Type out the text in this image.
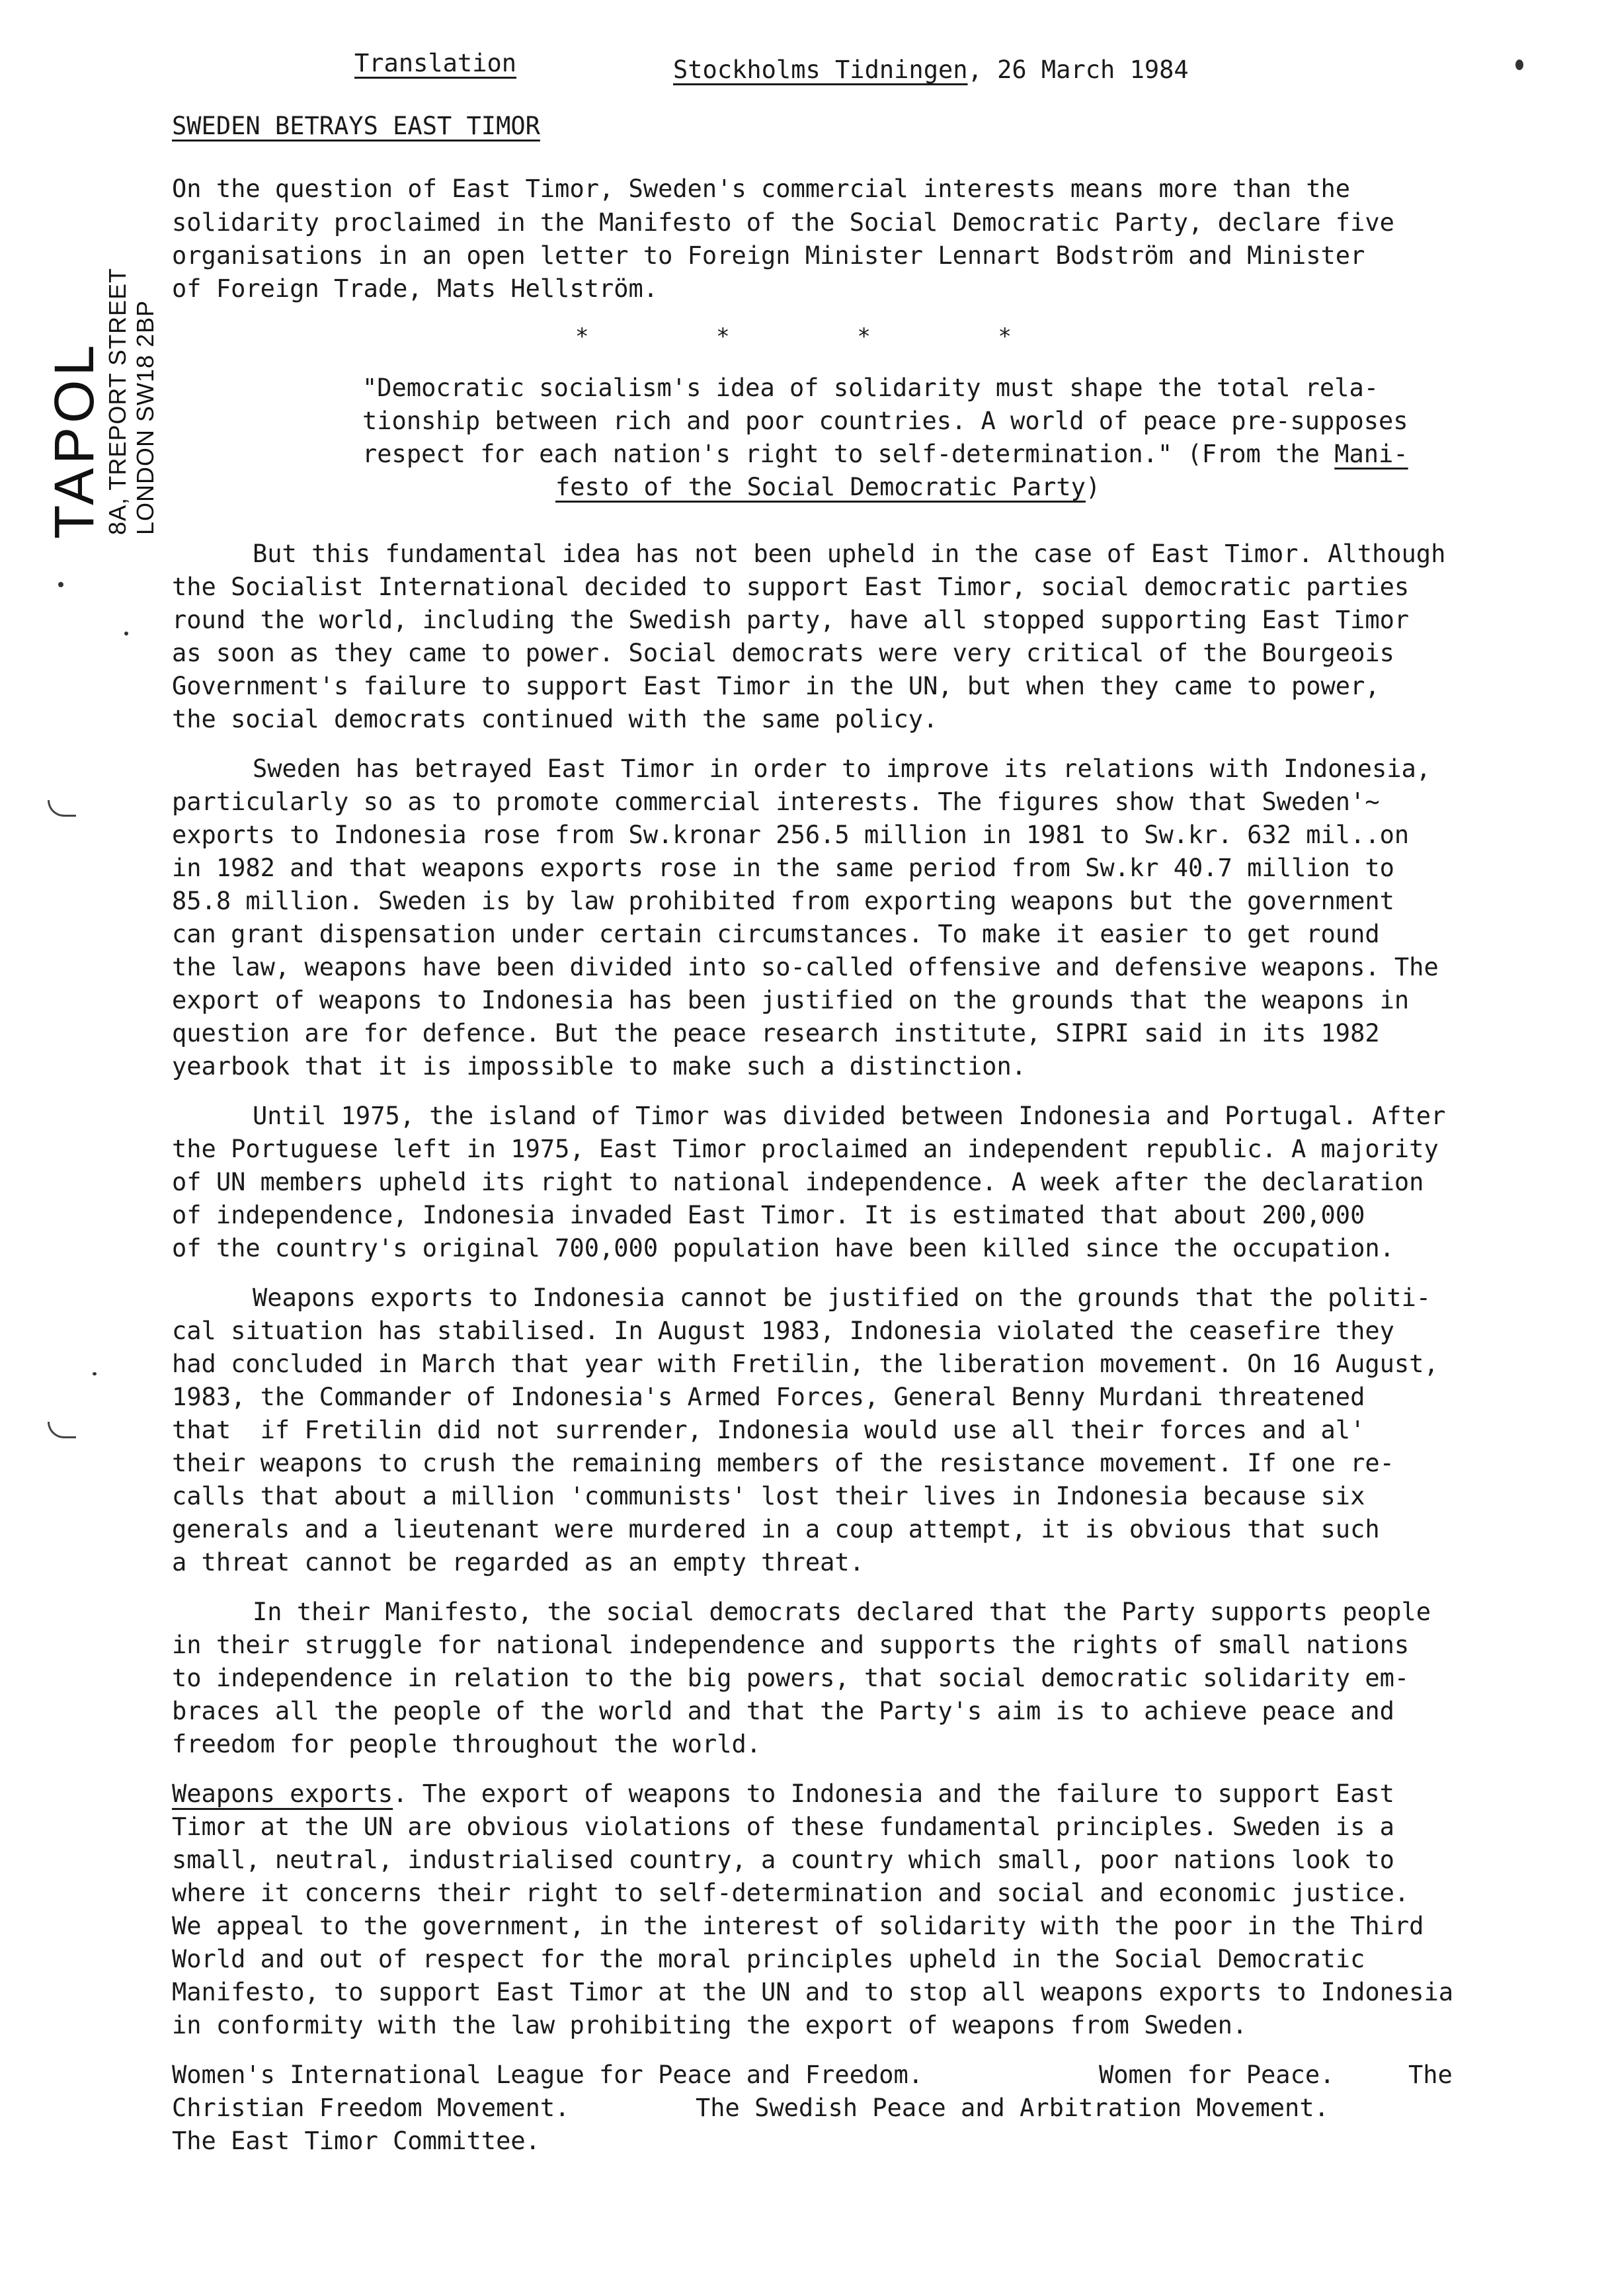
Translation	Stockholms Tidningen, 26 March 1984
SWEDEN BETRAYS EAST TIMOR
TAPOL
8A, TREPORT STREET LONDON SW18 2BP
On the question of East Timor, Sweden's commercial interests means more than the
solidarity proclaimed in the Manifesto of the Social Democratic Party, declare five
organisations in an open letter to Foreign Minister Lennart Bodström and Minister
of Foreign Trade, Mats Hellström.
*	*	*	*
"Democratic socialism's idea of solidarity must shape the total rela-
tionship between rich and poor countries. A world of peace pre-supposes
respect for each nation's right to self-determination." (From the Mani-
festo of the Social Democratic Party)
But this fundamental idea has not been upheld in the case of East Timor. Although
the Socialist International decided to support East Timor, social democratic parties
round the world, including the Swedish party, have all stopped supporting East Timor
as soon as they came to power. Social democrats were very critical of the Bourgeois
Government's failure to support East Timor in the UN, but when they came to power,
the social democrats continued with the same policy.
Sweden has betrayed East Timor in order to improve its relations with Indonesia,
particularly so as to promote commercial interests. The figures show that Sweden'~
exports to Indonesia rose from Sw.kronar 256.5 million in 1981 to Sw.kr. 632 mil..on
in 1982 and that weapons exports rose in the same period from Sw.kr 40.7 million to
85.8 million. Sweden is by law prohibited from exporting weapons but the government
can grant dispensation under certain circumstances. To make it easier to get round
the law, weapons have been divided into so-called offensive and defensive weapons. The
export of weapons to Indonesia has been justified on the grounds that the weapons in
question are for defence. But the peace research institute, SIPRI said in its 1982
yearbook that it is impossible to make such a distinction.
Until 1975, the island of Timor was divided between Indonesia and Portugal. After
the Portuguese left in 1975, East Timor proclaimed an independent republic. A majority
of UN members upheld its right to national independence. A week after the declaration
of independence, Indonesia invaded East Timor. It is estimated that about 200,000
of the country's original 700,000 population have been killed since the occupation.
Weapons exports to Indonesia cannot be justified on the grounds that the politi-
cal situation has stabilised. In August 1983, Indonesia violated the ceasefire they
had concluded in March that year with Fretilin, the liberation movement. On 16 August,
1983, the Commander of Indonesia's Armed Forces, General Benny Murdani threatened
that  if Fretilin did not surrender, Indonesia would use all their forces and al'
their weapons to crush the remaining members of the resistance movement. If one re-
calls that about a million 'communists' lost their lives in Indonesia because six
generals and a lieutenant were murdered in a coup attempt, it is obvious that such
a threat cannot be regarded as an empty threat.
In their Manifesto, the social democrats declared that the Party supports people
in their struggle for national independence and supports the rights of small nations
to independence in relation to the big powers, that social democratic solidarity em-
braces all the people of the world and that the Party's aim is to achieve peace and
freedom for people throughout the world.
Weapons exports. The export of weapons to Indonesia and the failure to support East
Timor at the UN are obvious violations of these fundamental principles. Sweden is a
small, neutral, industrialised country, a country which small, poor nations look to
where it concerns their right to self-determination and social and economic justice.
We appeal to the government, in the interest of solidarity with the poor in the Third
World and out of respect for the moral principles upheld in the Social Democratic
Manifesto, to support East Timor at the UN and to stop all weapons exports to Indonesia
in conformity with the law prohibiting the export of weapons from Sweden.
Women's International League for Peace and Freedom.	Women for Peace.	The
Christian Freedom Movement.	The Swedish Peace and Arbitration Movement.
The East Timor Committee.
